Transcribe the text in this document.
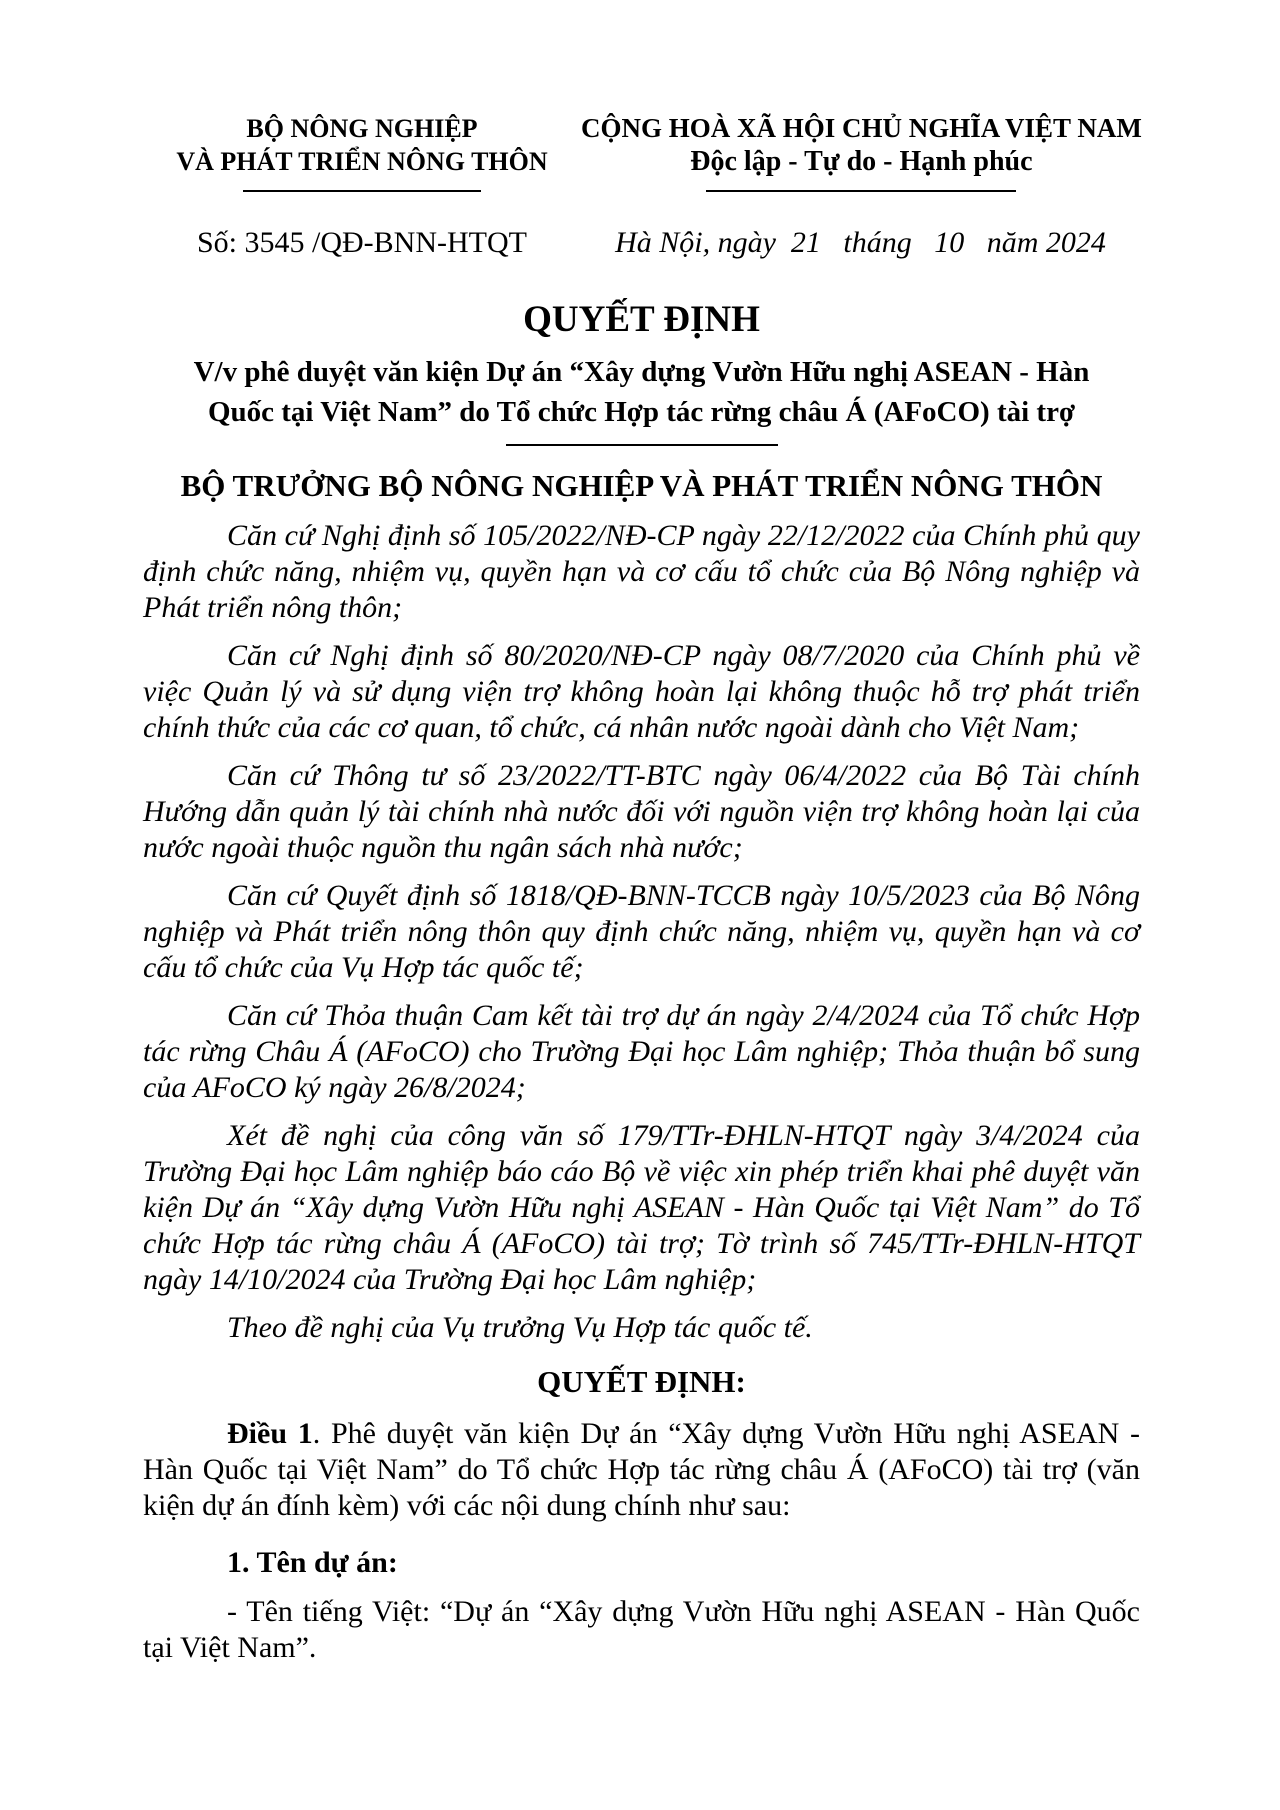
BỘ NÔNG NGHIỆP
VÀ PHÁT TRIỂN NÔNG THÔN
CỘNG HOÀ XÃ HỘI CHỦ NGHĨA VIỆT NAM
Độc lập - Tự do - Hạnh phúc
Số: 3545 /QĐ-BNN-HTQT	Hà Nội, ngày  21   tháng   10   năm 2024
QUYẾT ĐỊNH
V/v phê duyệt văn kiện Dự án “Xây dựng Vườn Hữu nghị ASEAN - Hàn Quốc tại Việt Nam” do Tổ chức Hợp tác rừng châu Á (AFoCO) tài trợ
BỘ TRƯỞNG BỘ NÔNG NGHIỆP VÀ PHÁT TRIỂN NÔNG THÔN

Căn cứ Nghị định số 105/2022/NĐ-CP ngày 22/12/2022 của Chính phủ quy định chức năng, nhiệm vụ, quyền hạn và cơ cấu tổ chức của Bộ Nông nghiệp và Phát triển nông thôn;

Căn cứ Nghị định số 80/2020/NĐ-CP ngày 08/7/2020 của Chính phủ về việc Quản lý và sử dụng viện trợ không hoàn lại không thuộc hỗ trợ phát triển chính thức của các cơ quan, tổ chức, cá nhân nước ngoài dành cho Việt Nam;

Căn cứ Thông tư số 23/2022/TT-BTC ngày 06/4/2022 của Bộ Tài chính Hướng dẫn quản lý tài chính nhà nước đối với nguồn viện trợ không hoàn lại của nước ngoài thuộc nguồn thu ngân sách nhà nước;

Căn cứ Quyết định số 1818/QĐ-BNN-TCCB ngày 10/5/2023 của Bộ Nông nghiệp và Phát triển nông thôn quy định chức năng, nhiệm vụ, quyền hạn và cơ cấu tổ chức của Vụ Hợp tác quốc tế;

Căn cứ Thỏa thuận Cam kết tài trợ dự án ngày 2/4/2024 của Tổ chức Hợp tác rừng Châu Á (AFoCO) cho Trường Đại học Lâm nghiệp; Thỏa thuận bổ sung của AFoCO ký ngày 26/8/2024;

Xét đề nghị của công văn số 179/TTr-ĐHLN-HTQT ngày 3/4/2024 của Trường Đại học Lâm nghiệp báo cáo Bộ về việc xin phép triển khai phê duyệt văn kiện Dự án “Xây dựng Vườn Hữu nghị ASEAN - Hàn Quốc tại Việt Nam” do Tổ chức Hợp tác rừng châu Á (AFoCO) tài trợ; Tờ trình số 745/TTr-ĐHLN-HTQT ngày 14/10/2024 của Trường Đại học Lâm nghiệp;

Theo đề nghị của Vụ trưởng Vụ Hợp tác quốc tế.

QUYẾT ĐỊNH:

Điều 1. Phê duyệt văn kiện Dự án “Xây dựng Vườn Hữu nghị ASEAN - Hàn Quốc tại Việt Nam” do Tổ chức Hợp tác rừng châu Á (AFoCO) tài trợ (văn kiện dự án đính kèm) với các nội dung chính như sau:

1. Tên dự án:

- Tên tiếng Việt: “Dự án “Xây dựng Vườn Hữu nghị ASEAN - Hàn Quốc tại Việt Nam”.
